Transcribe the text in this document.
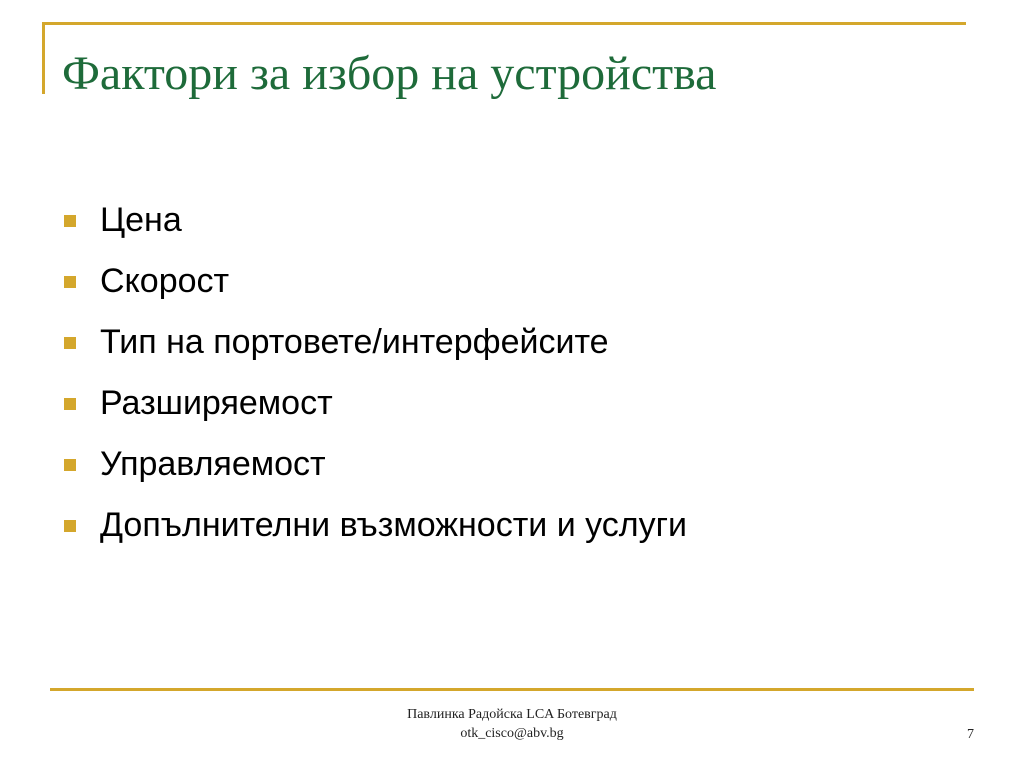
Фактори за избор на устройства
Цена
Скорост
Тип на портовете/интерфейсите
Разширяемост
Управляемост
Допълнителни възможности и услуги
Павлинка Радойска LCA Ботевград
otk_cisco@abv.bg	7
